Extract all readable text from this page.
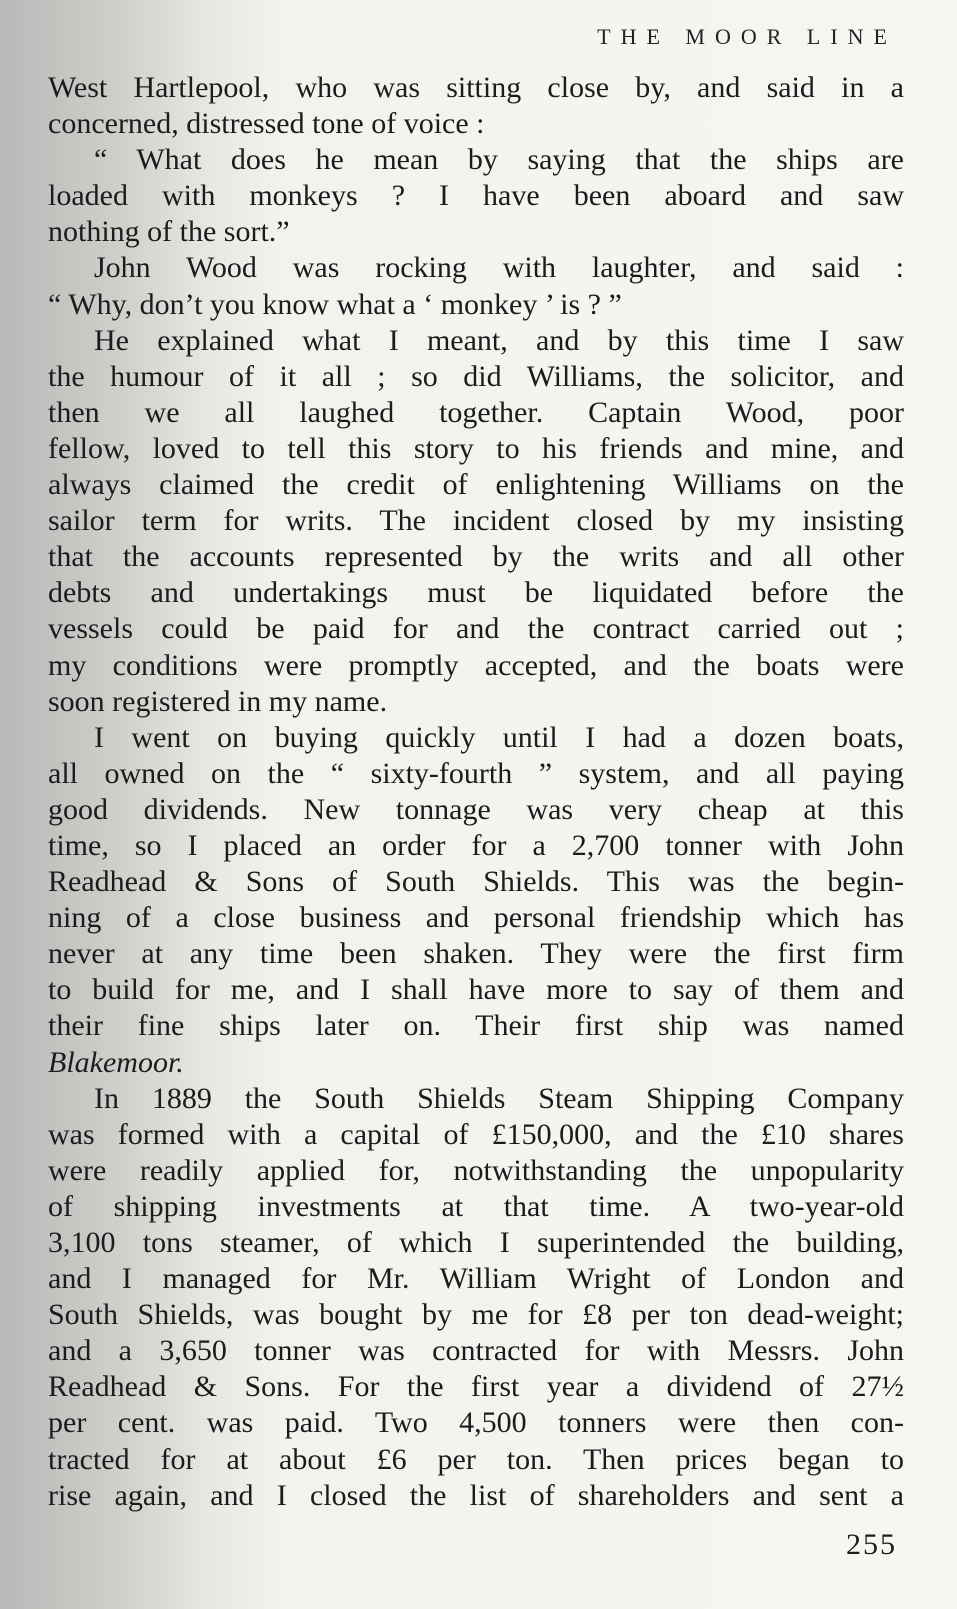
THE MOOR LINE
West Hartlepool, who was sitting close by, and said in a
concerned, distressed tone of voice :
“ What does he mean by saying that the ships are
loaded with monkeys ? I have been aboard and saw
nothing of the sort.”
John Wood was rocking with laughter, and said :
“ Why, don’t you know what a ‘ monkey ’ is ? ”
He explained what I meant, and by this time I saw
the humour of it all ; so did Williams, the solicitor, and
then we all laughed together. Captain Wood, poor
fellow, loved to tell this story to his friends and mine, and
always claimed the credit of enlightening Williams on the
sailor term for writs. The incident closed by my insisting
that the accounts represented by the writs and all other
debts and undertakings must be liquidated before the
vessels could be paid for and the contract carried out ;
my conditions were promptly accepted, and the boats were
soon registered in my name.
I went on buying quickly until I had a dozen boats,
all owned on the “ sixty-fourth ” system, and all paying
good dividends. New tonnage was very cheap at this
time, so I placed an order for a 2,700 tonner with John
Readhead & Sons of South Shields. This was the begin-
ning of a close business and personal friendship which has
never at any time been shaken. They were the first firm
to build for me, and I shall have more to say of them and
their fine ships later on. Their first ship was named
Blakemoor.
In 1889 the South Shields Steam Shipping Company
was formed with a capital of £150,000, and the £10 shares
were readily applied for, notwithstanding the unpopularity
of shipping investments at that time. A two-year-old
3,100 tons steamer, of which I superintended the building,
and I managed for Mr. William Wright of London and
South Shields, was bought by me for £8 per ton dead-weight;
and a 3,650 tonner was contracted for with Messrs. John
Readhead & Sons. For the first year a dividend of 27½
per cent. was paid. Two 4,500 tonners were then con-
tracted for at about £6 per ton. Then prices began to
rise again, and I closed the list of shareholders and sent a
255
